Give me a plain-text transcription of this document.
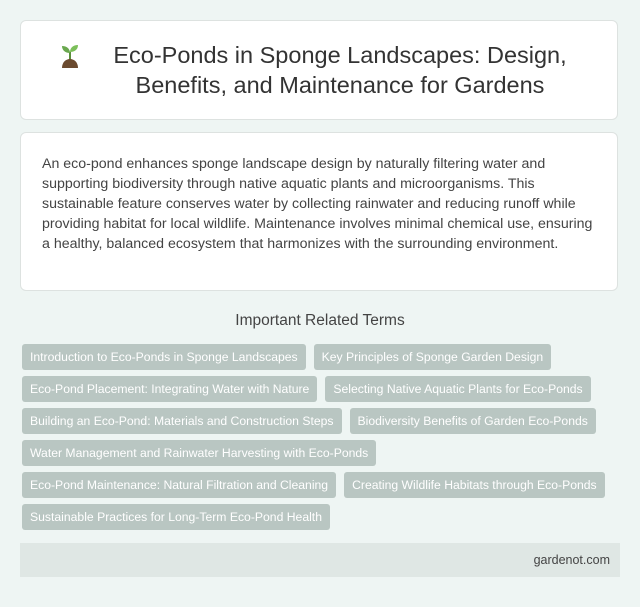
Eco-Ponds in Sponge Landscapes: Design, Benefits, and Maintenance for Gardens

An eco-pond enhances sponge landscape design by naturally filtering water and supporting biodiversity through native aquatic plants and microorganisms. This sustainable feature conserves water by collecting rainwater and reducing runoff while providing habitat for local wildlife. Maintenance involves minimal chemical use, ensuring a healthy, balanced ecosystem that harmonizes with the surrounding environment.

Important Related Terms
Introduction to Eco-Ponds in Sponge Landscapes	Key Principles of Sponge Garden Design
Eco-Pond Placement: Integrating Water with Nature	Selecting Native Aquatic Plants for Eco-Ponds
Building an Eco-Pond: Materials and Construction Steps	Biodiversity Benefits of Garden Eco-Ponds
Water Management and Rainwater Harvesting with Eco-Ponds
Eco-Pond Maintenance: Natural Filtration and Cleaning	Creating Wildlife Habitats through Eco-Ponds
Sustainable Practices for Long-Term Eco-Pond Health
gardenot.com
